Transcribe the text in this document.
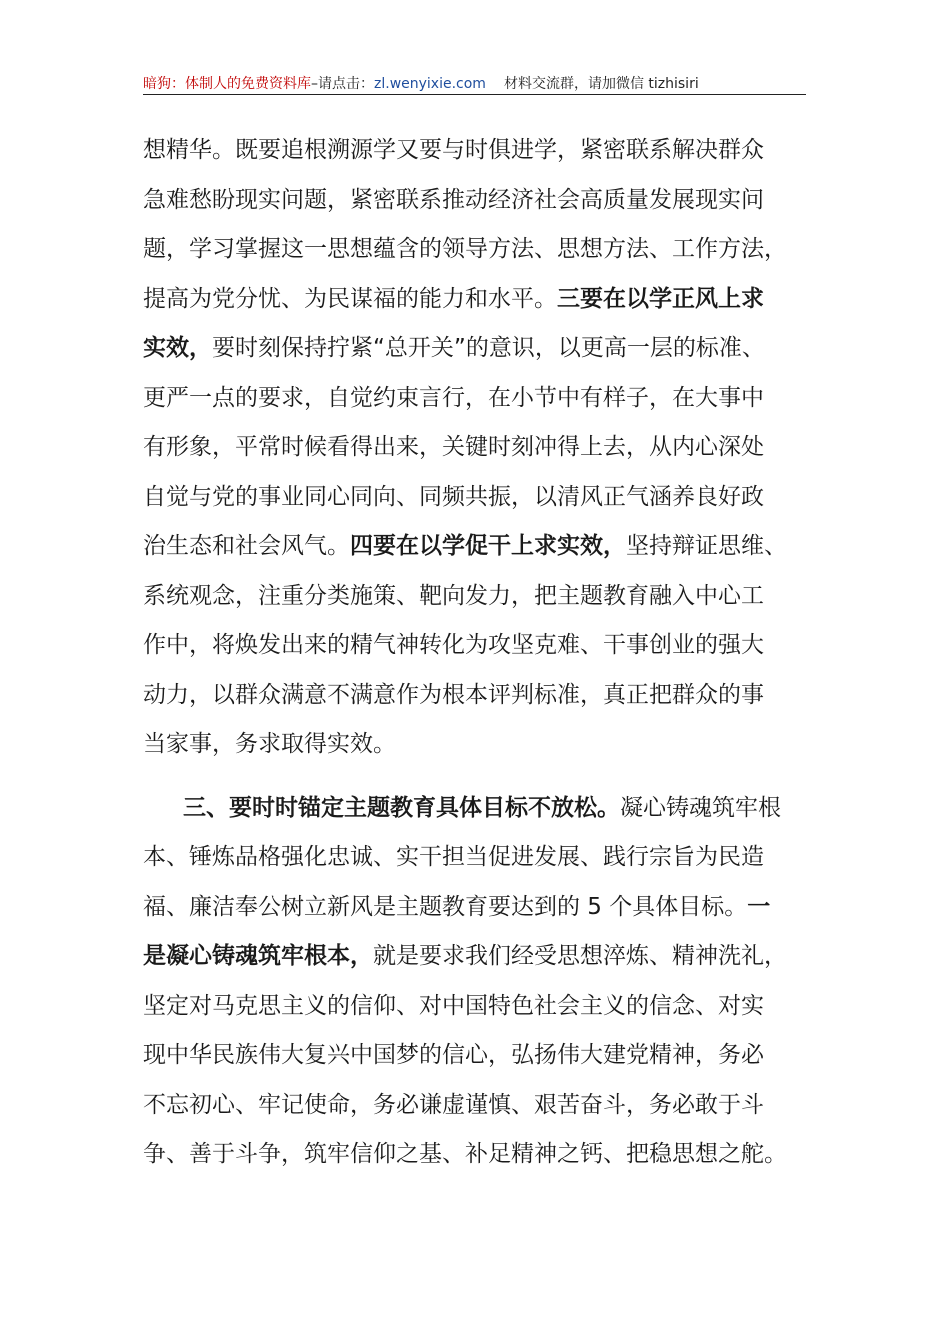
暗狗：体制人的免费资料库 –请点击： zl.wenyixie.com 材料交流群，请加微信 tizhisiri

想精华。既要追根溯源学又要与时俱进学，紧密联系解决群众
急难愁盼现实问题，紧密联系推动经济社会高质量发展现实问
题，学习掌握这一思想蕴含的领导方法、思想方法、工作方法，
提高为党分忧、为民谋福的能力和水平。三要在以学正风上求
实效，要时刻保持拧紧“总开关”的意识，以更高一层的标准、
更严一点的要求，自觉约束言行，在小节中有样子，在大事中
有形象，平常时候看得出来，关键时刻冲得上去，从内心深处
自觉与党的事业同心同向、同频共振，以清风正气涵养良好政
治生态和社会风气。四要在以学促干上求实效，坚持辩证思维、
系统观念，注重分类施策、靶向发力，把主题教育融入中心工
作中，将焕发出来的精气神转化为攻坚克难、干事创业的强大
动力，以群众满意不满意作为根本评判标准，真正把群众的事
当家事，务求取得实效。

三、要时时锚定主题教育具体目标不放松。凝心铸魂筑牢根
本、锤炼品格强化忠诚、实干担当促进发展、践行宗旨为民造
福、廉洁奉公树立新风是主题教育要达到的 5 个具体目标。一
是凝心铸魂筑牢根本，就是要求我们经受思想淬炼、精神洗礼，
坚定对马克思主义的信仰、对中国特色社会主义的信念、对实
现中华民族伟大复兴中国梦的信心，弘扬伟大建党精神，务必
不忘初心、牢记使命，务必谦虚谨慎、艰苦奋斗，务必敢于斗
争、善于斗争，筑牢信仰之基、补足精神之钙、把稳思想之舵。
